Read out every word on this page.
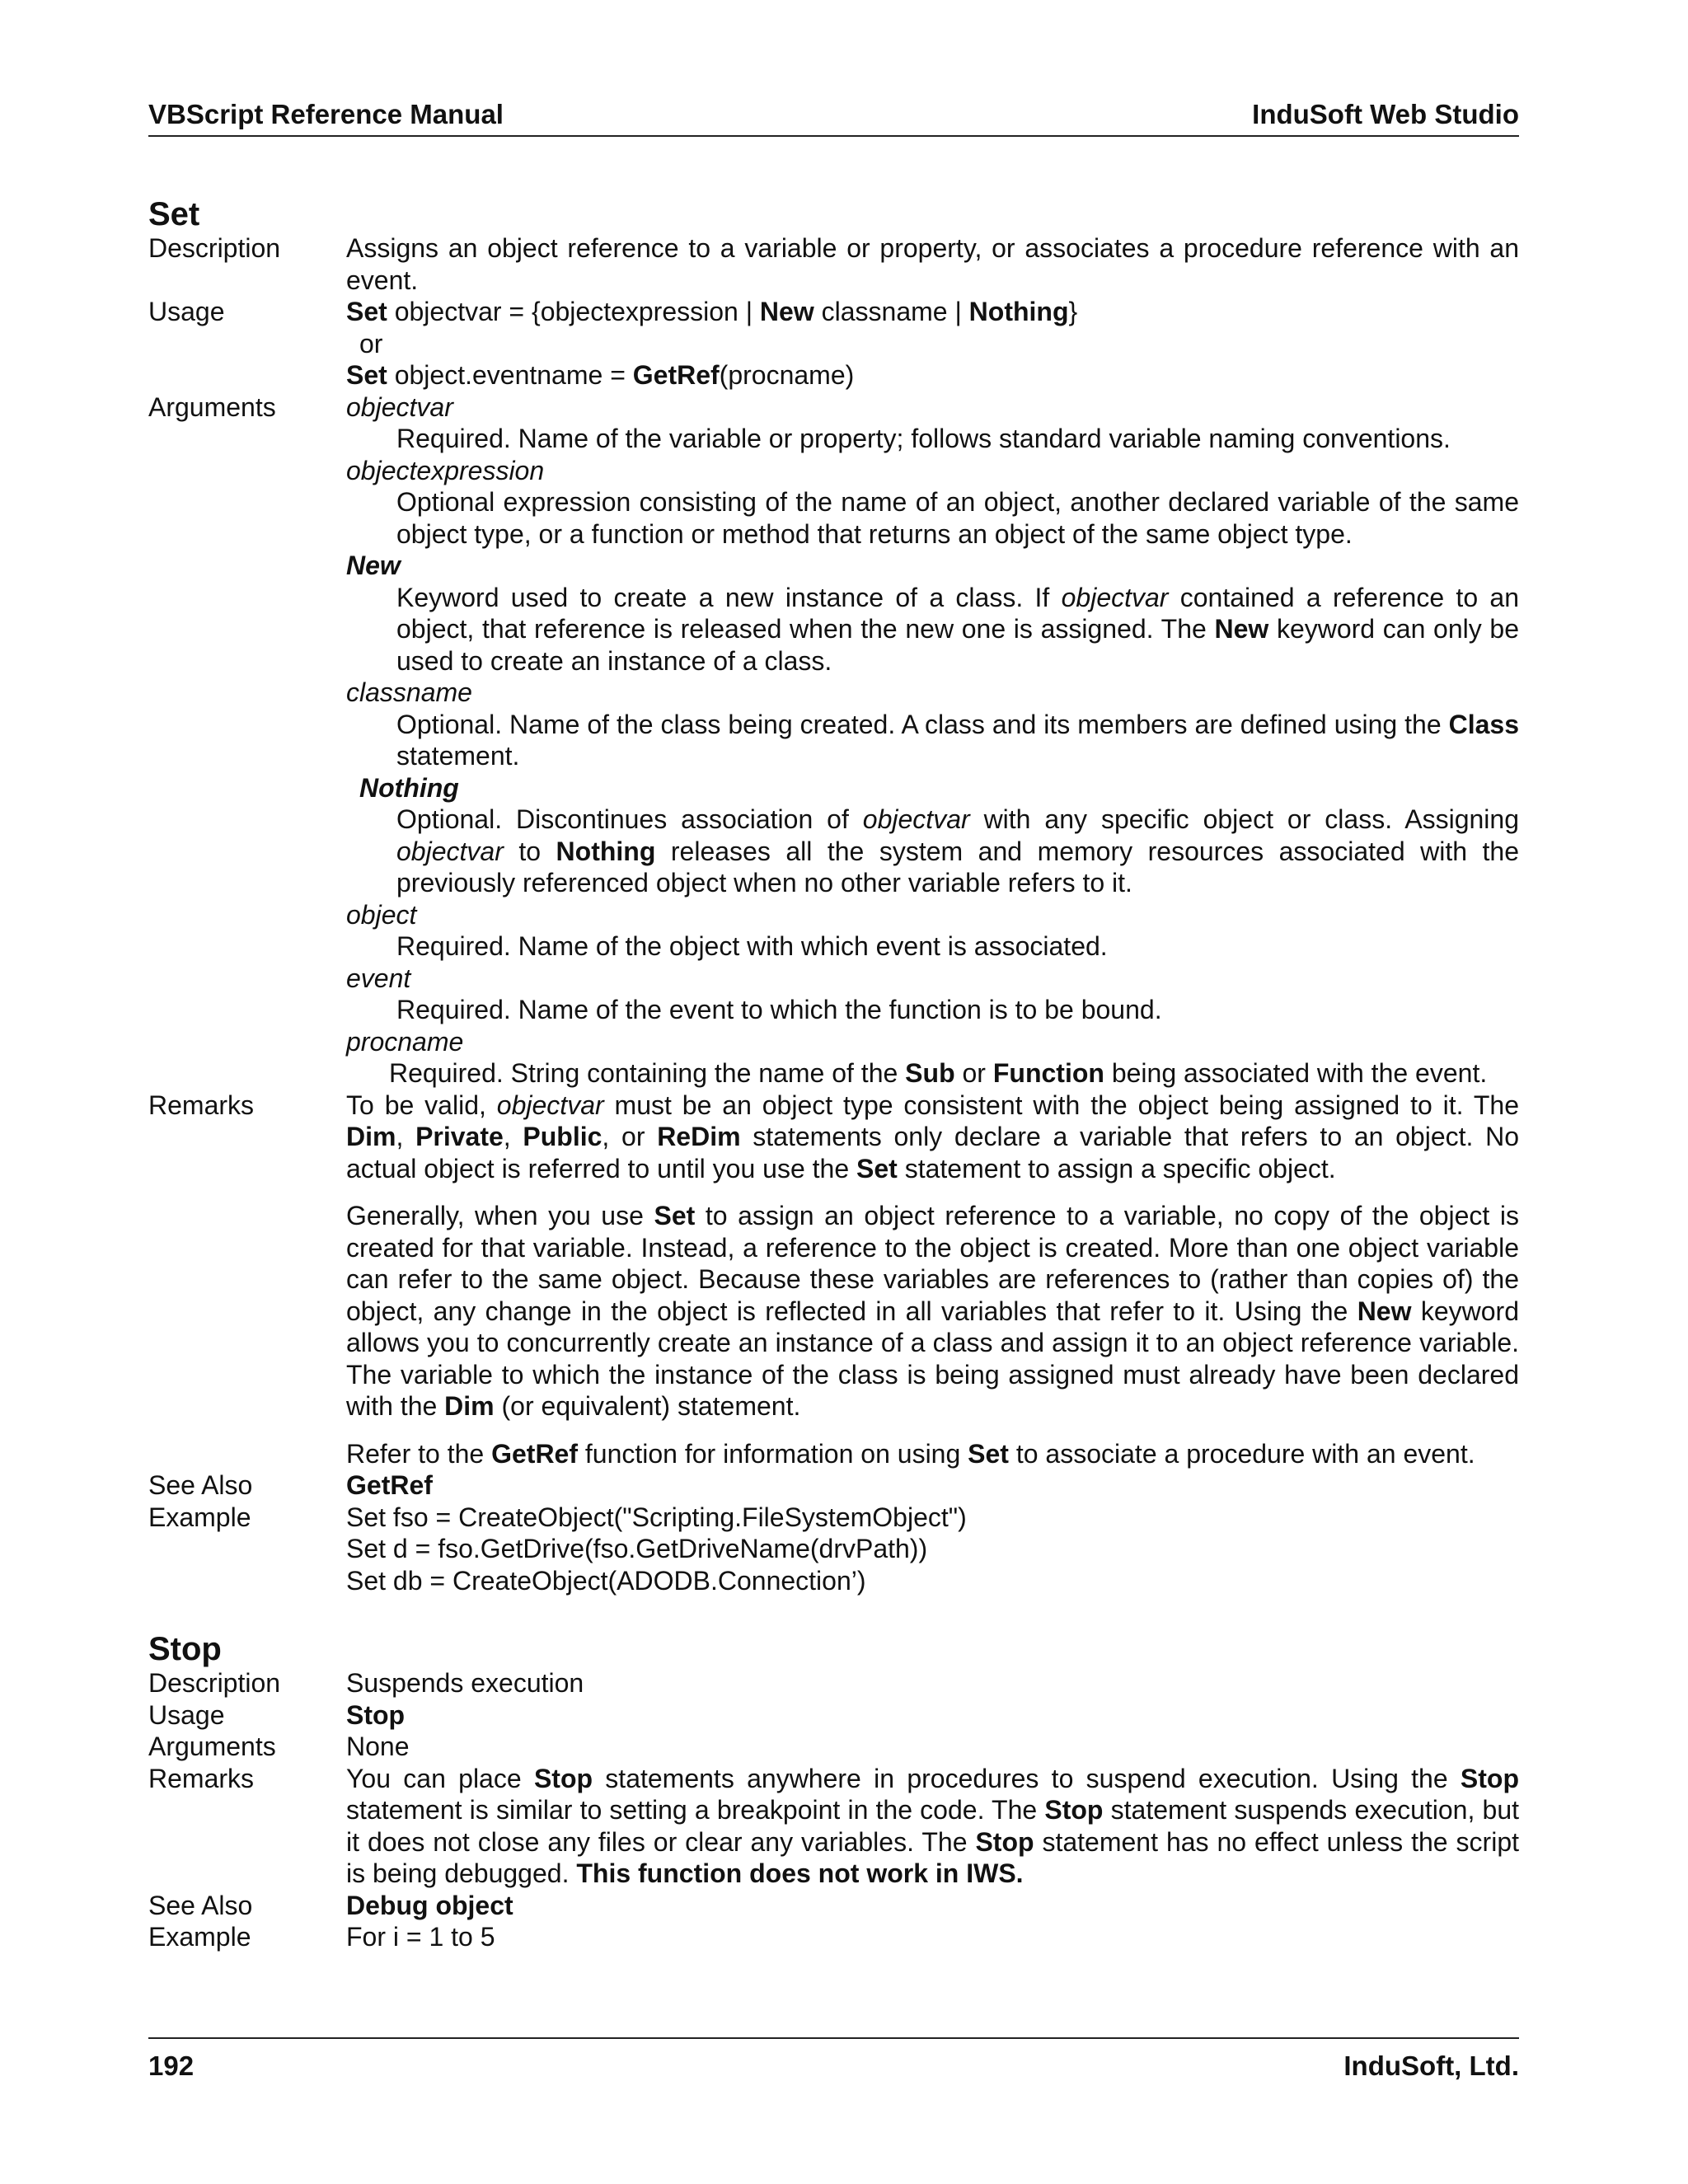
VBScript Reference Manual	InduSoft Web Studio
Set
Description Assigns an object reference to a variable or property, or associates a procedure reference with an event.
Usage	Set objectvar = {objectexpression | New classname | Nothing}
or
Set object.eventname = GetRef(procname)
Arguments	objectvar
Required. Name of the variable or property; follows standard variable naming conventions.
objectexpression
Optional expression consisting of the name of an object, another declared variable of the same object type, or a function or method that returns an object of the same object type.
New
Keyword used to create a new instance of a class. If objectvar contained a reference to an object, that reference is released when the new one is assigned. The New keyword can only be used to create an instance of a class.
classname
Optional. Name of the class being created. A class and its members are defined using the Class statement.
Nothing
Optional. Discontinues association of objectvar with any specific object or class. Assigning objectvar to Nothing releases all the system and memory resources associated with the previously referenced object when no other variable refers to it.
object
Required. Name of the object with which event is associated.
event
Required. Name of the event to which the function is to be bound.
procname
Required. String containing the name of the Sub or Function being associated with the event.
Remarks	To be valid, objectvar must be an object type consistent with the object being assigned to it. The Dim, Private, Public, or ReDim statements only declare a variable that refers to an object. No actual object is referred to until you use the Set statement to assign a specific object.
Generally, when you use Set to assign an object reference to a variable, no copy of the object is created for that variable. Instead, a reference to the object is created. More than one object variable can refer to the same object. Because these variables are references to (rather than copies of) the object, any change in the object is reflected in all variables that refer to it. Using the New keyword allows you to concurrently create an instance of a class and assign it to an object reference variable. The variable to which the instance of the class is being assigned must already have been declared with the Dim (or equivalent) statement.
Refer to the GetRef function for information on using Set to associate a procedure with an event.
See Also	GetRef
Example	Set fso = CreateObject("Scripting.FileSystemObject")
Set d = fso.GetDrive(fso.GetDriveName(drvPath))
Set db = CreateObject(ADODB.Connection’)
Stop
Description Suspends execution
Usage	Stop
Arguments	None
Remarks	You can place Stop statements anywhere in procedures to suspend execution. Using the Stop statement is similar to setting a breakpoint in the code. The Stop statement suspends execution, but it does not close any files or clear any variables. The Stop statement has no effect unless the script is being debugged. This function does not work in IWS.
See Also	Debug object
Example	For i = 1 to 5
192	InduSoft, Ltd.
